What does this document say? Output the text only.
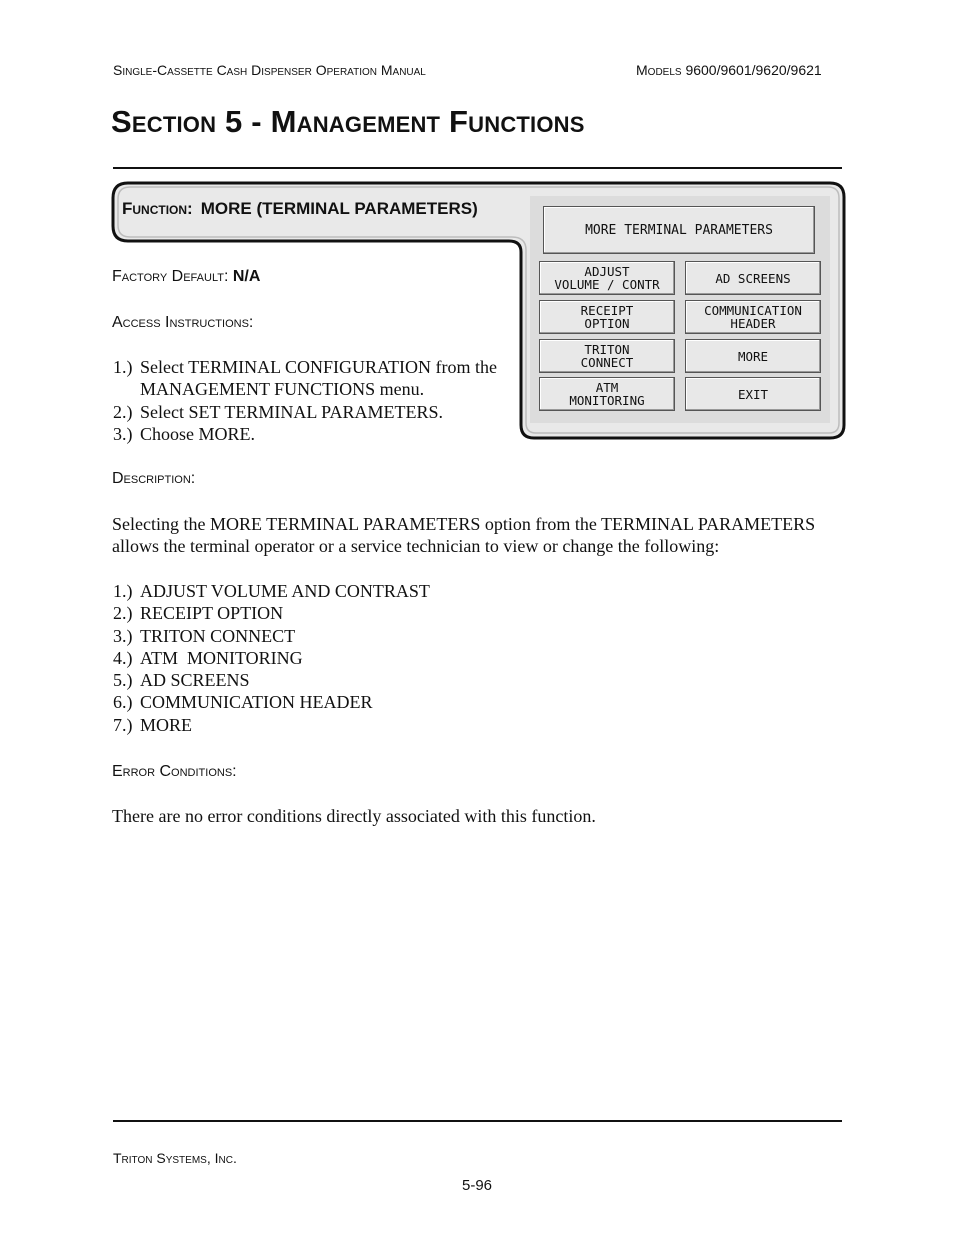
Single-Cassette Cash Dispenser Operation Manual	Models 9600/9601/9620/9621
Section 5 - Management Functions
Function: MORE (TERMINAL PARAMETERS)
MORE TERMINAL PARAMETERS
ADJUST
VOLUME / CONTR	AD SCREENS
RECEIPT
OPTION
COMMUNICATION
HEADER
TRITON
CONNECT	MORE
ATM
MONITORING	EXIT
Factory Default: N/A
Access Instructions:
1.) Select TERMINAL CONFIGURATION from the
MANAGEMENT FUNCTIONS menu.
2.) Select SET TERMINAL PARAMETERS.
3.) Choose MORE.
Description:
Selecting the MORE TERMINAL PARAMETERS option from the TERMINAL PARAMETERS
allows the terminal operator or a service technician to view or change the following:
1.) ADJUST VOLUME AND CONTRAST
2.) RECEIPT OPTION
3.) TRITON CONNECT
4.) ATM  MONITORING
5.) AD SCREENS
6.) COMMUNICATION HEADER
7.) MORE
Error Conditions:
There are no error conditions directly associated with this function.
Triton Systems, Inc.
5-96
